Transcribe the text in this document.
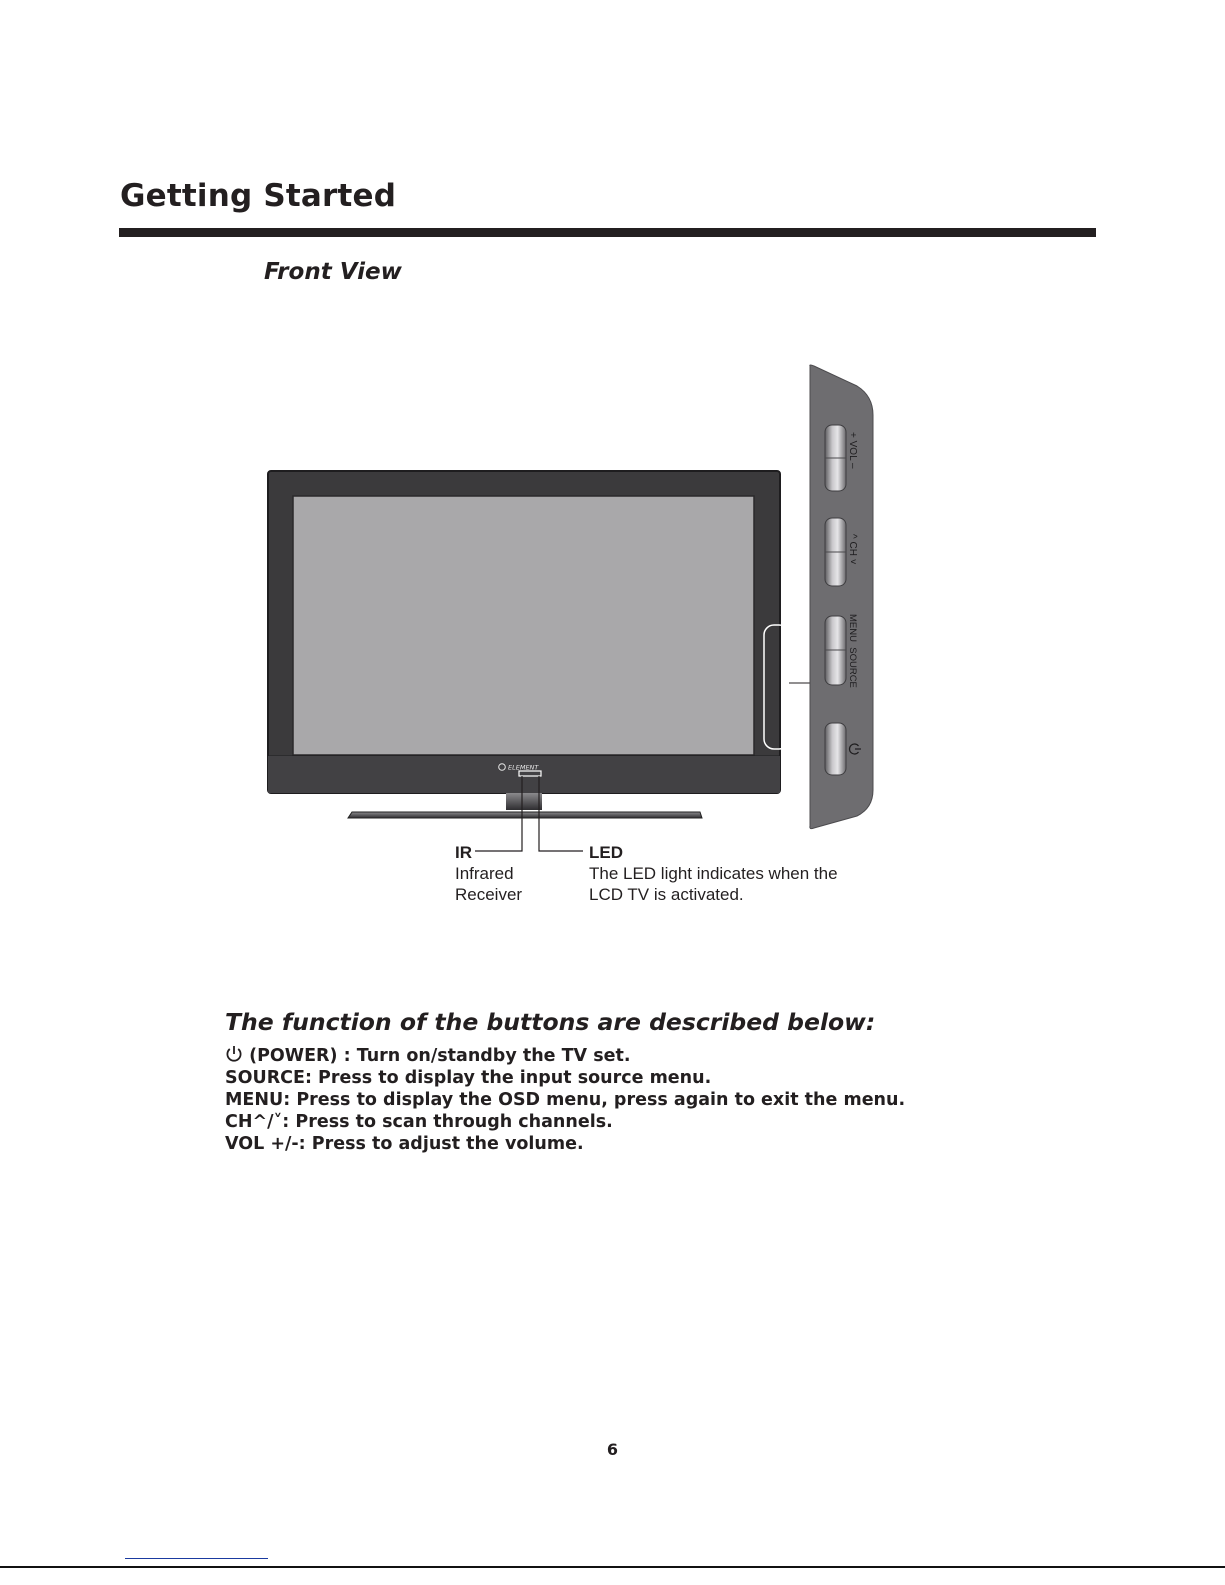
Getting Started
Front View
ELEMENT
+ VOL –
^ CH ˅
MENU  SOURCE
IR
Infrared
Receiver
LED
The LED light indicates when the
LCD TV is activated.
The function of the buttons are described below:
(POWER) : Turn on/standby the TV set.
SOURCE: Press to display the input source menu.
MENU: Press to display the OSD menu, press again to exit the menu.
CH^/˅: Press to scan through channels.
VOL +/-: Press to adjust the volume.
6
